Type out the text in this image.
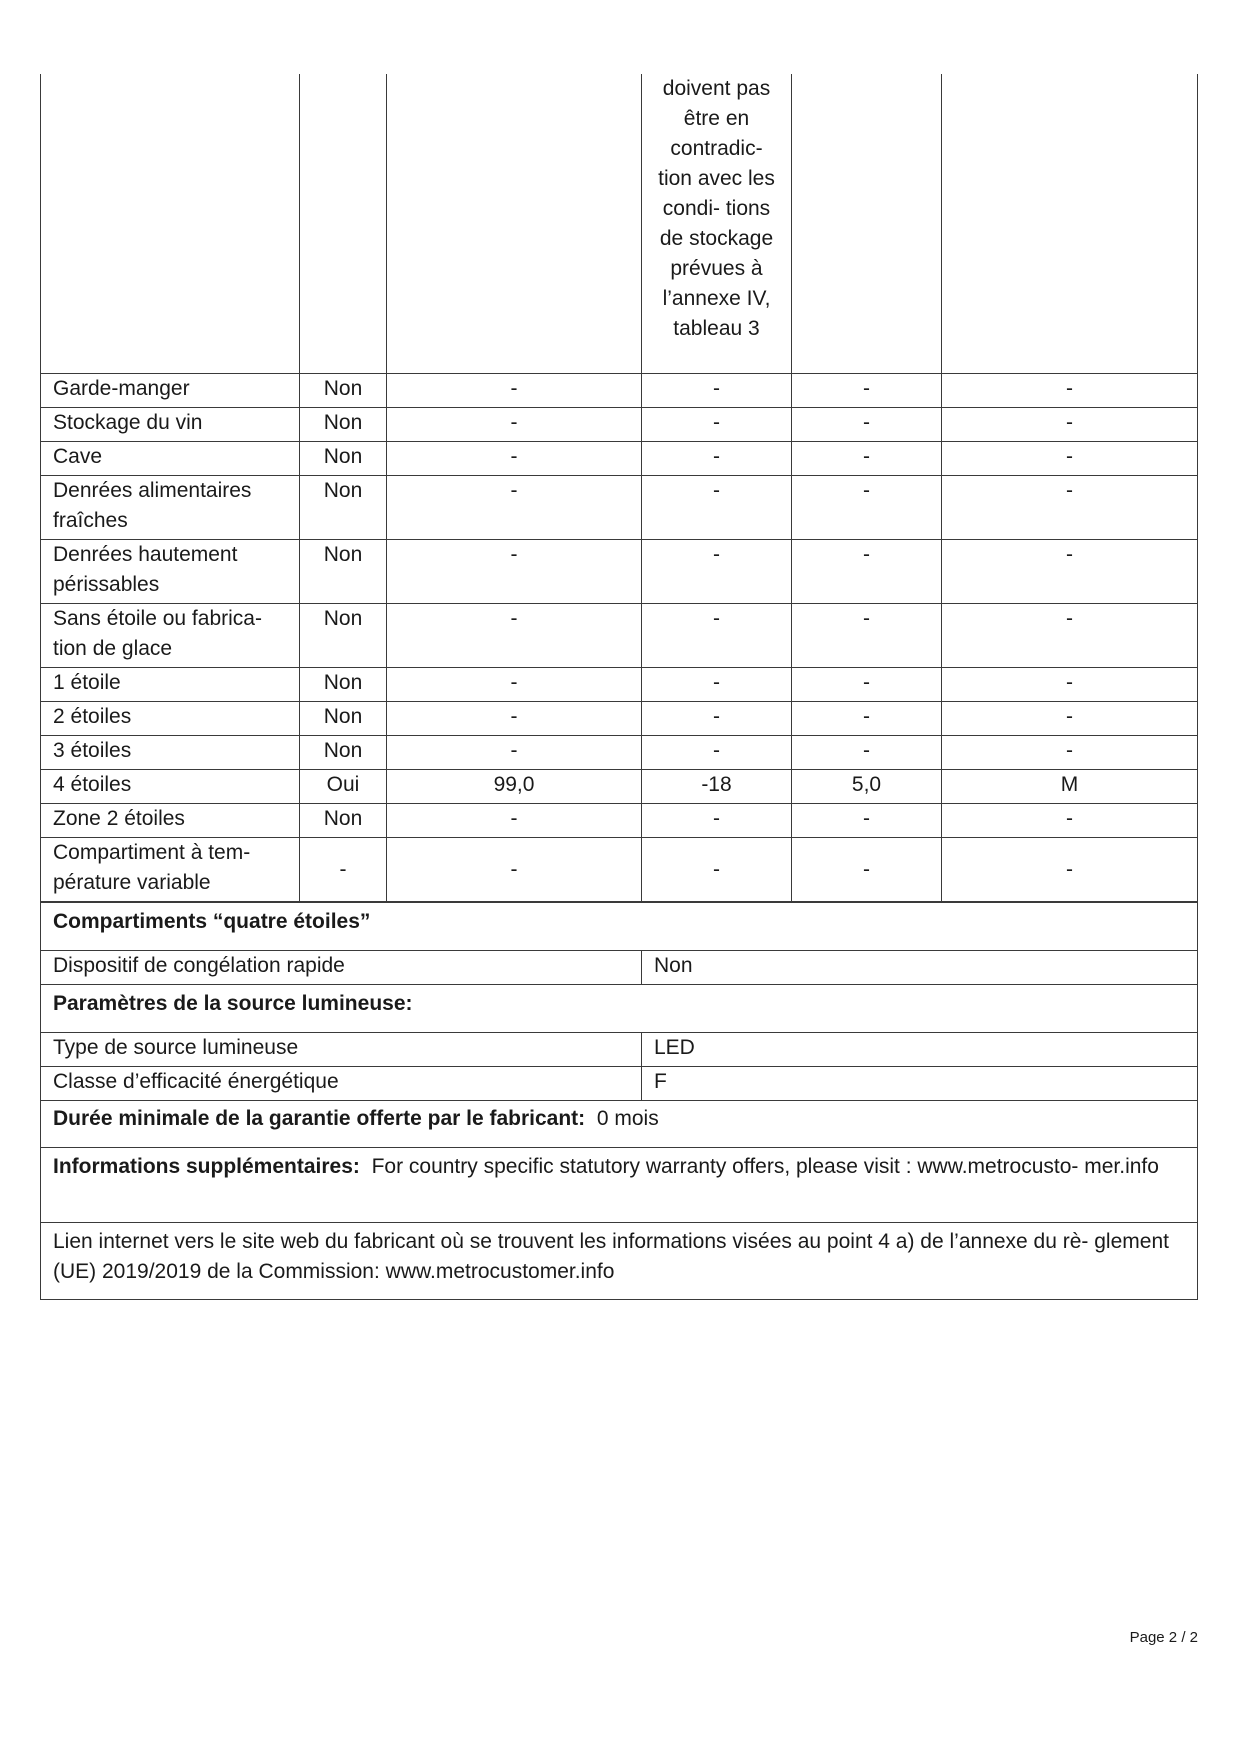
			doivent pas être en contradic- tion avec les condi- tions de stockage prévues à l’annexe IV, tableau 3		
Garde-manger	Non	-	-	-	-
Stockage du vin	Non	-	-	-	-
Cave	Non	-	-	-	-
Denrées alimentaires fraîches	Non	-	-	-	-
Denrées hautement périssables	Non	-	-	-	-
Sans étoile ou fabrica- tion de glace	Non	-	-	-	-
1 étoile	Non	-	-	-	-
2 étoiles	Non	-	-	-	-
3 étoiles	Non	-	-	-	-
4 étoiles	Oui	99,0	-18	5,0	M
Zone 2 étoiles	Non	-	-	-	-
Compartiment à tem- pérature variable	-	-	-	-	-
Compartiments “quatre étoiles”	
Dispositif de congélation rapide	Non
Paramètres de la source lumineuse:	
Type de source lumineuse	LED
Classe d’efficacité énergétique	F
Durée minimale de la garantie offerte par le fabricant: 0 mois	
Informations supplémentaires: For country specific statutory warranty offers, please visit : www.metrocusto- mer.info	
Lien internet vers le site web du fabricant où se trouvent les informations visées au point 4 a) de l’annexe du rè- glement (UE) 2019/2019 de la Commission: www.metrocustomer.info	
Page 2 / 2
